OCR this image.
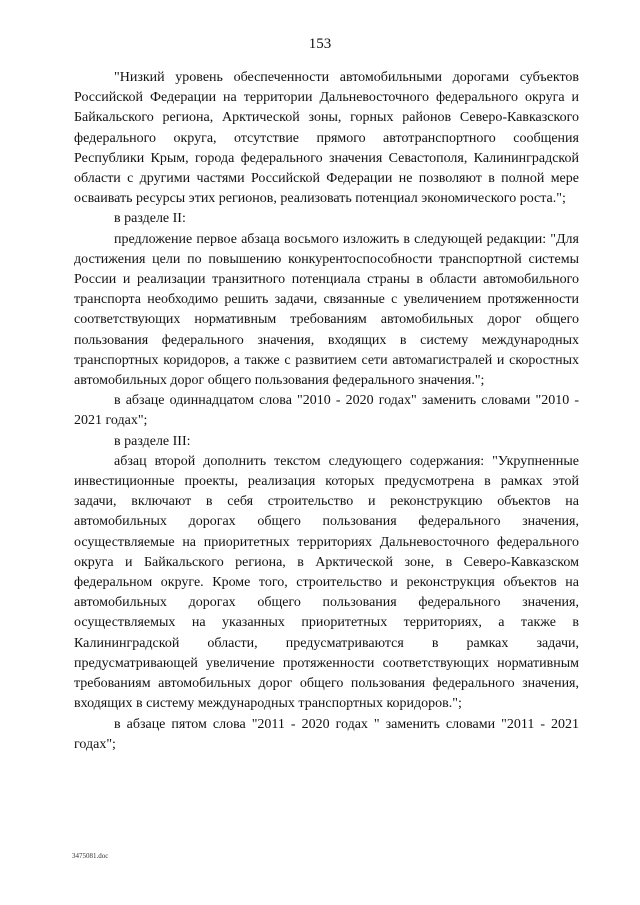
153

"Низкий уровень обеспеченности автомобильными дорогами субъектов Российской Федерации на территории Дальневосточного федерального округа и Байкальского региона, Арктической зоны, горных районов Северо-Кавказского федерального округа, отсутствие прямого автотранспортного сообщения Республики Крым, города федерального значения Севастополя, Калининградской области с другими частями Российской Федерации не позволяют в полной мере осваивать ресурсы этих регионов, реализовать потенциал экономического роста.";

в разделе II:

предложение первое абзаца восьмого изложить в следующей редакции: "Для достижения цели по повышению конкурентоспособности транспортной системы России и реализации транзитного потенциала страны в области автомобильного транспорта необходимо решить задачи, связанные с увеличением протяженности соответствующих нормативным требованиям автомобильных дорог общего пользования федерального значения, входящих в систему международных транспортных коридоров, а также с развитием сети автомагистралей и скоростных автомобильных дорог общего пользования федерального значения.";

в абзаце одиннадцатом слова "2010 - 2020 годах" заменить словами "2010 - 2021 годах";

в разделе III:

абзац второй дополнить текстом следующего содержания: "Укрупненные инвестиционные проекты, реализация которых предусмотрена в рамках этой задачи, включают в себя строительство и реконструкцию объектов на автомобильных дорогах общего пользования федерального значения, осуществляемые на приоритетных территориях Дальневосточного федерального округа и Байкальского региона, в Арктической зоне, в Северо-Кавказском федеральном округе. Кроме того, строительство и реконструкция объектов на автомобильных дорогах общего пользования федерального значения, осуществляемых на указанных приоритетных территориях, а также в Калининградской области, предусматриваются в рамках задачи, предусматривающей увеличение протяженности соответствующих нормативным требованиям автомобильных дорог общего пользования федерального значения, входящих в систему международных транспортных коридоров.";

в абзаце пятом слова "2011 - 2020 годах " заменить словами "2011 - 2021 годах";

3475081.doc
